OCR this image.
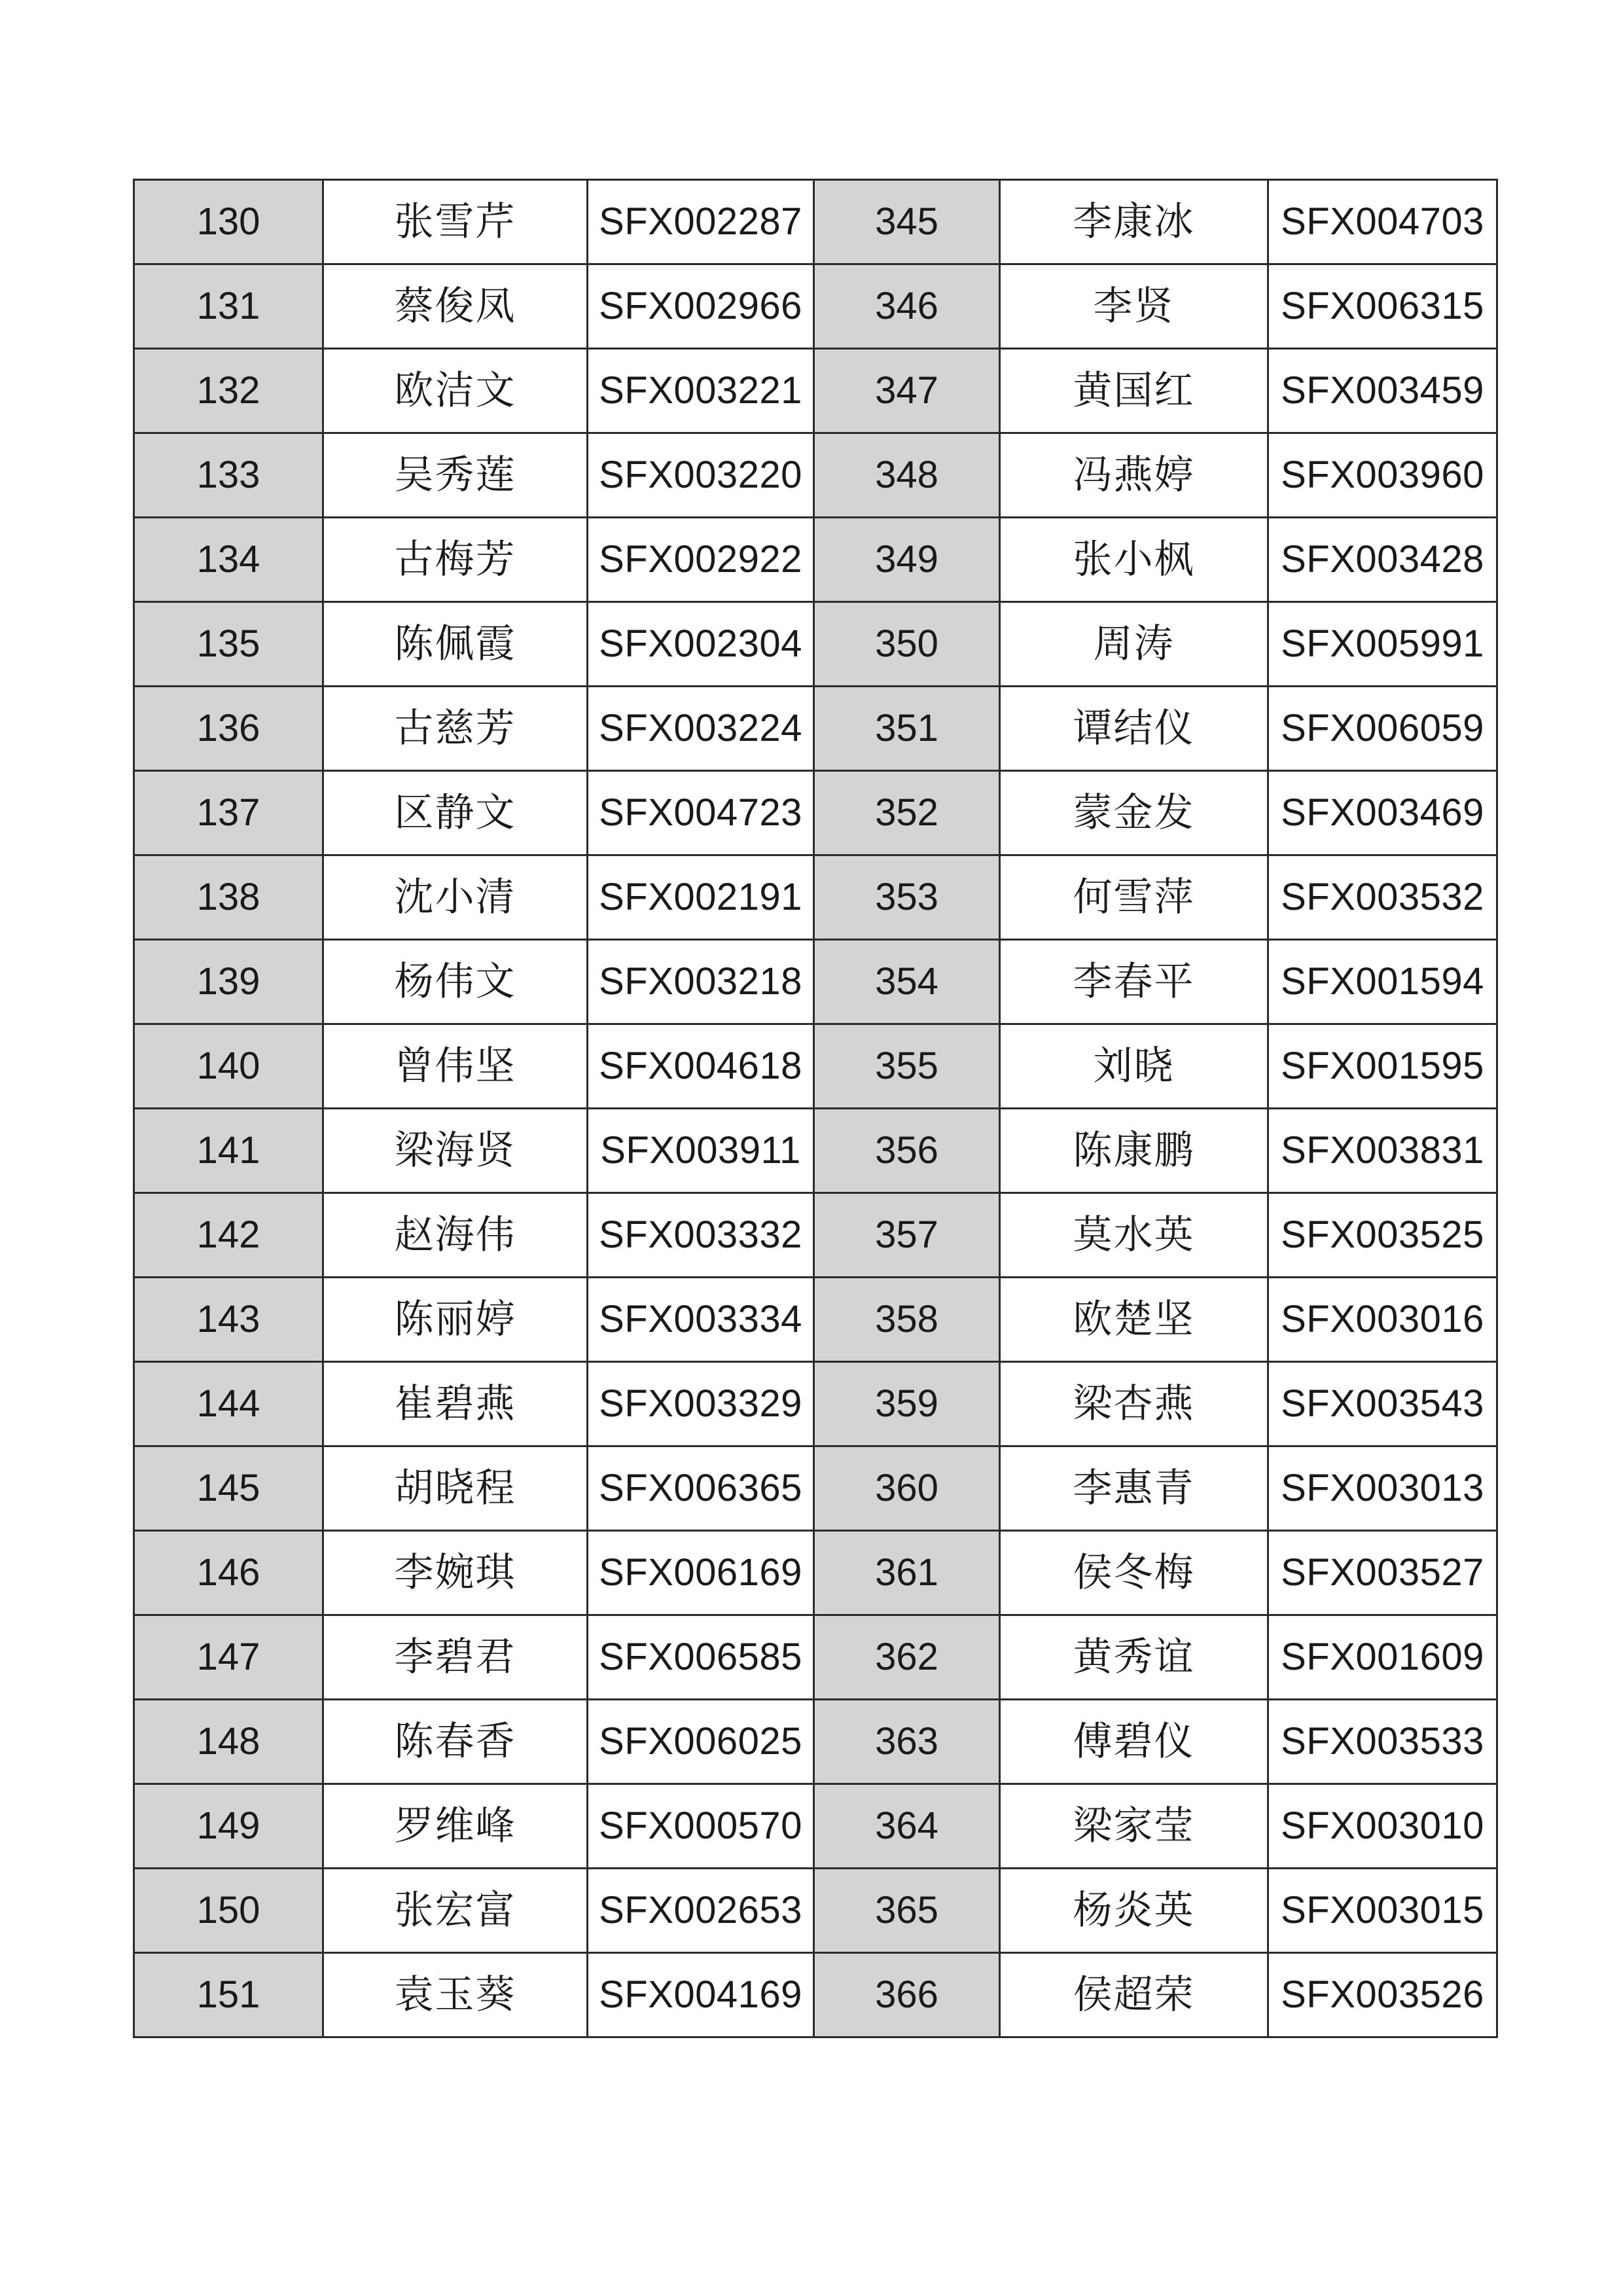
130	张雪芹	SFX002287	345	李康冰	SFX004703
131	蔡俊凤	SFX002966	346	李贤	SFX006315
132	欧洁文	SFX003221	347	黄国红	SFX003459
133	吴秀莲	SFX003220	348	冯燕婷	SFX003960
134	古梅芳	SFX002922	349	张小枫	SFX003428
135	陈佩霞	SFX002304	350	周涛	SFX005991
136	古慈芳	SFX003224	351	谭结仪	SFX006059
137	区静文	SFX004723	352	蒙金发	SFX003469
138	沈小清	SFX002191	353	何雪萍	SFX003532
139	杨伟文	SFX003218	354	李春平	SFX001594
140	曾伟坚	SFX004618	355	刘晓	SFX001595
141	梁海贤	SFX003911	356	陈康鹏	SFX003831
142	赵海伟	SFX003332	357	莫水英	SFX003525
143	陈丽婷	SFX003334	358	欧楚坚	SFX003016
144	崔碧燕	SFX003329	359	梁杏燕	SFX003543
145	胡晓程	SFX006365	360	李惠青	SFX003013
146	李婉琪	SFX006169	361	侯冬梅	SFX003527
147	李碧君	SFX006585	362	黄秀谊	SFX001609
148	陈春香	SFX006025	363	傅碧仪	SFX003533
149	罗维峰	SFX000570	364	梁家莹	SFX003010
150	张宏富	SFX002653	365	杨炎英	SFX003015
151	袁玉葵	SFX004169	366	侯超荣	SFX003526
